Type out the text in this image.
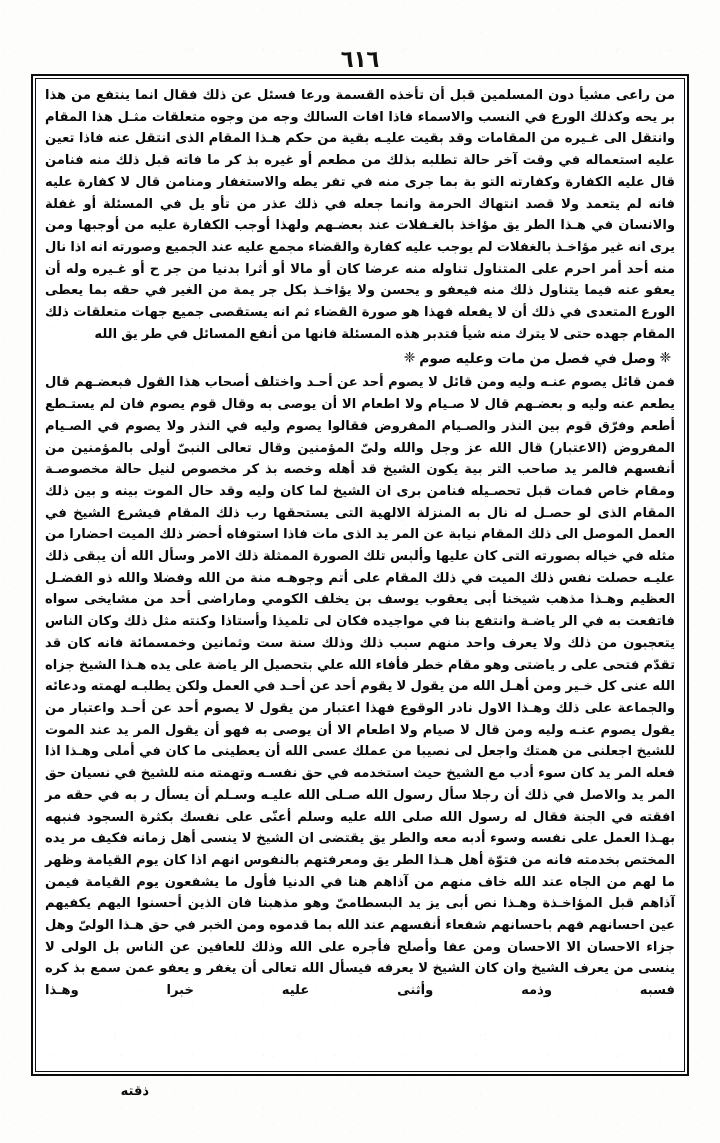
٦١٦

من راعى مشيأ دون المسلمين قبل أن تأخذه القسمة ورعا فسئل عن ذلك فقال انما ينتفع من هذا بر يحه وكذلك الورع في النسب والاسماء فاذا افات السالك وجه من وجوه متعلقات مثـل هذا المقام وانتقل الى غـيره من المقامات وقد بقيت عليـه بقية من حكم هـذا المقام الذى انتقل عنه فاذا تعين عليه استعماله في وقت آخر حالة تطلبه بذلك من مطعم أو غيره بذ كر ما فاته قبل ذلك منه فنامن قال عليه الكفارة وكفارته التو بة بما جرى منه في تفر يطه والاستغفار ومنامن قال لا كفارة عليه فانه لم يتعمد ولا قصد انتهاك الحرمة وانما جعله في ذلك عذر من تأو يل في المسئلة أو غفلة والانسان في هـذا الطر يق مؤاخذ بالغـفلات عند بعضـهم ولهذا أوجب الكفارة عليه من أوجبها ومن يرى انه غير مؤاخـذ بالغفلات لم يوجب عليه كفارة والقضاء مجمع عليه عند الجميع وصورته انه اذا نال منه أحد أمر احرم على المتناول تناوله منه عرضا كان أو مالا أو أثرا بدنيا من جر ح أو غـيره وله أن يعفو عنه فيما يتناول ذلك منه فيعفو و يحسن ولا يؤاخـذ بكل جر يمة من الغير في حقه بما يعطى الورع المتعدى في ذلك أن لا يفعله فهذا هو صورة القضاء ثم انه يستقصى جميع جهات متعلقات ذلك المقام جهده حتى لا يترك منه شيأ فتدبر هذه المسئلة فانها من أنفع المسائل في طر يق الله

❈وصل في فصل من مات وعليه صوم❈

فمن قائل يصوم عنـه وليه ومن قائل لا يصوم أحد عن أحـد واختلف أصحاب هذا القول فبعضـهم قال يطعم عنه وليه و بعضـهم قال لا صـيام ولا اطعام الا أن يوصى به وقال قوم يصوم فان لم يستـطع أطعم وفرّق قوم بين النذر والصـيام المفروض فقالوا يصوم وليه في النذر ولا يصوم في الصـيام المفروض (الاعتبار) قال الله عز وجل والله ولىّ المؤمنين وقال تعالى النبىّ أولى بالمؤمنين من أنفسهم فالمر يد صاحب التر بية يكون الشيخ قد أهله وخصه بذ كر مخصوص لنيل حالة مخصوصـة ومقام خاص فمات قبل تحصـيله فنامن برى ان الشيخ لما كان وليه وقد حال الموت بينه و بين ذلك المقام الذى لو حصـل له نال به المنزلة الالهية التى يستحقها رب ذلك المقام فيشرع الشيخ في العمل الموصل الى ذلك المقام نيابة عن المر يد الذى مات فاذا استوفاه أحضر ذلك الميت احضارا من مثله في خياله بصورته التى كان عليها وألبس تلك الصورة الممثلة ذلك الامر وسأل الله أن يبقى ذلك عليـه حصلت نفس ذلك الميت في ذلك المقام على أتم وجوهـه منة من الله وفضلا والله ذو الفضـل العظيم وهـذا مذهب شيخنا أبى يعقوب يوسف بن يخلف الكومي وماراضى أحد من مشايخى سواه فاتفعت به في الر ياضـة وانتفع بنا في مواجيده فكان لى تلميذا وأستاذا وكنته مثل ذلك وكان الناس يتعجبون من ذلك ولا يعرف واحد منهم سبب ذلك وذلك سنة ست وثمانين وخمسمائة فانه كان قد تقدّم فتحى على ر ياضتى وهو مقام خطر فأفاء الله علي بتحصيل الر ياضة على يده هـذا الشيخ جزاه الله عنى كل خـير ومن أهـل الله من يقول لا يقوم أحد عن أحـد في العمل ولكن يطلبـه لهمته ودعائه والجماعة على ذلك وهـذا الاول نادر الوقوع فهذا اعتبار من يقول لا يصوم أحد عن أحـد واعتبار من يقول يصوم عنـه وليه ومن قال لا صيام ولا اطعام الا أن يوصى به فهو أن يقول المر يد عند الموت للشيخ اجعلنى من همتك واجعل لى نصيبا من عملك عسى الله أن يعطينى ما كان في أملى وهـذا اذا فعله المر يد كان سوء أدب مع الشيخ حيث استخدمه في حق نفسـه وتهمته منه للشيخ في نسيان حق المر يد والاصل في ذلك أن رجلا سأل رسول الله صـلى الله عليـه وسـلم أن يسأل ر به في حقه مر افقته في الجنة فقال له رسول الله صلى الله عليه وسلم أعنّى على نفسك بكثرة السجود فنبهه بهـذا العمل على نفسه وسوء أدبه معه والطر يق يقتضى ان الشيخ لا ينسى أهل زمانه فكيف مر يده المختص بخدمته فانه من فتوّة أهل هـذا الطر يق ومعرفتهم بالنفوس انهم اذا كان يوم القيامة وظهر ما لهم من الجاه عند الله خاف منهم من آذاهم هنا في الدنيا فأول ما يشفعون يوم القيامة فيمن آذاهم قبل المؤاخـذة وهـذا نص أبى يز يد البسطامىّ وهو مذهبنا فان الذين أحسنوا اليهم يكفيهم عين احسانهم فهم باحسانهم شفعاء أنفسهم عند الله بما قدموه ومن الخبر في حق هـذا الولىّ وهل جزاء الاحسان الا الاحسان ومن عفا وأصلح فأجره على الله وذلك للعافين عن الناس بل الولى لا ينسى من يعرف الشيخ وان كان الشيخ لا يعرفه فيسأل الله تعالى أن يغفر و يعفو عمن سمع بذ كره فسبه وذمه وأثنى عليه خبرا وهـذا

ذقته
